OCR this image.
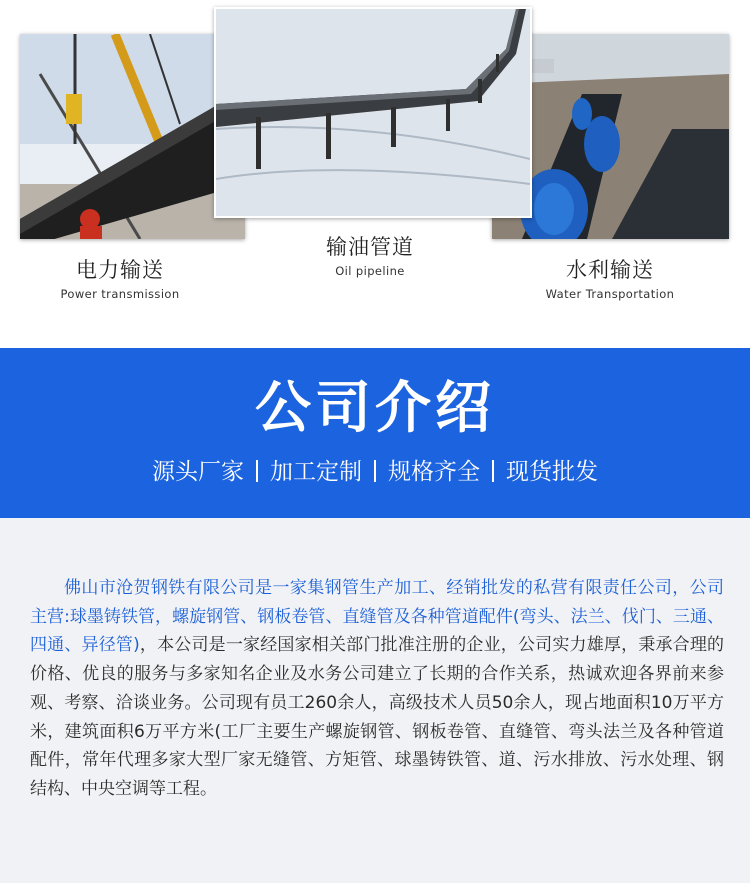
电力输送
Power transmission
输油管道
Oil pipeline	水利输送
Water Transportation
公司介绍
源头厂家 加工定制 规格齐全 现货批发

佛山市沧贺钢铁有限公司是一家集钢管生产加工、经销批发的私营有限责任公司，公司主营:球墨铸铁管，螺旋钢管、钢板卷管、直缝管及各种管道配件(弯头、法兰、伐门、三通、四通、异径管)，本公司是一家经国家相关部门批准注册的企业，公司实力雄厚，秉承合理的价格、优良的服务与多家知名企业及水务公司建立了长期的合作关系，热诚欢迎各界前来参观、考察、洽谈业务。公司现有员工260余人，高级技术人员50余人，现占地面积10万平方米，建筑面积6万平方米(工厂主要生产螺旋钢管、钢板卷管、直缝管、弯头法兰及各种管道配件，常年代理多家大型厂家无缝管、方矩管、球墨铸铁管、道、污水排放、污水处理、钢结构、中央空调等工程。
